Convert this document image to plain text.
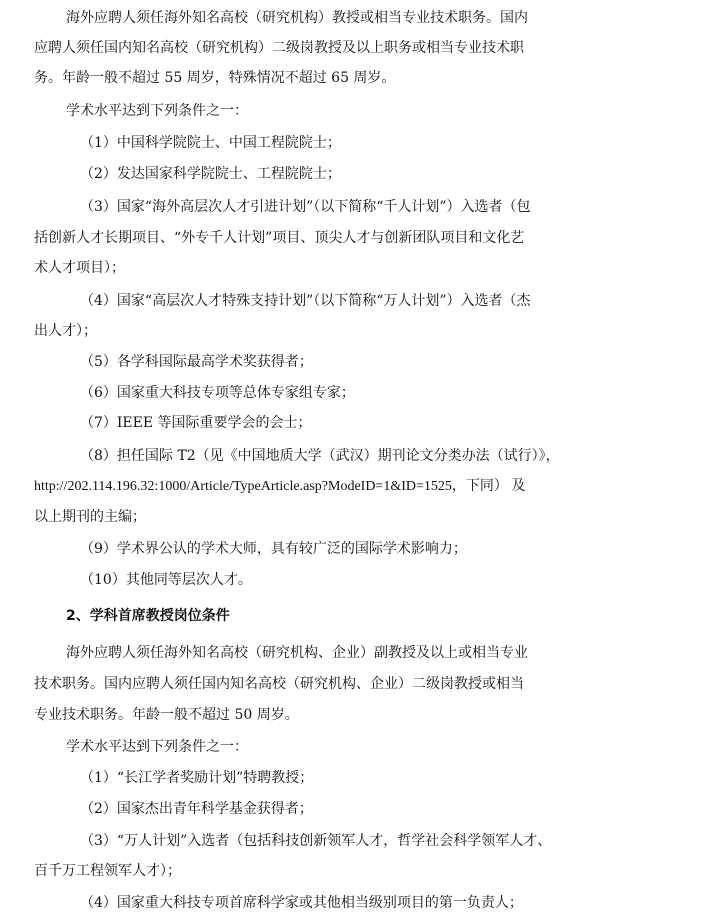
海外应聘人须任海外知名高校（研究机构）教授或相当专业技术职务。国内
应聘人须任国内知名高校（研究机构）二级岗教授及以上职务或相当专业技术职
务。年龄一般不超过 55 周岁，特殊情况不超过 65 周岁。
学术水平达到下列条件之一：
（1）中国科学院院士、中国工程院院士；
（2）发达国家科学院院士、工程院院士；
（3）国家“海外高层次人才引进计划”（以下简称“千人计划”）入选者（包
括创新人才长期项目、“外专千人计划”项目、顶尖人才与创新团队项目和文化艺
术人才项目）；
（4）国家“高层次人才特殊支持计划”（以下简称“万人计划”）入选者（杰
出人才）；
（5）各学科国际最高学术奖获得者；
（6）国家重大科技专项等总体专家组专家；
（7）IEEE 等国际重要学会的会士；
（8）担任国际 T2（见《中国地质大学（武汉）期刊论文分类办法（试行）》，
http://202.114.196.32:1000/Article/TypeArticle.asp?ModeID=1&ID=1525，下同） 及
以上期刊的主编；
（9）学术界公认的学术大师，具有较广泛的国际学术影响力；
（10）其他同等层次人才。
2、学科首席教授岗位条件
海外应聘人须任海外知名高校（研究机构、企业）副教授及以上或相当专业
技术职务。国内应聘人须任国内知名高校（研究机构、企业）二级岗教授或相当
专业技术职务。年龄一般不超过 50 周岁。
学术水平达到下列条件之一：
（1）“长江学者奖励计划”特聘教授；
（2）国家杰出青年科学基金获得者；
（3）“万人计划”入选者（包括科技创新领军人才，哲学社会科学领军人才、
百千万工程领军人才）；
（4）国家重大科技专项首席科学家或其他相当级别项目的第一负责人；
